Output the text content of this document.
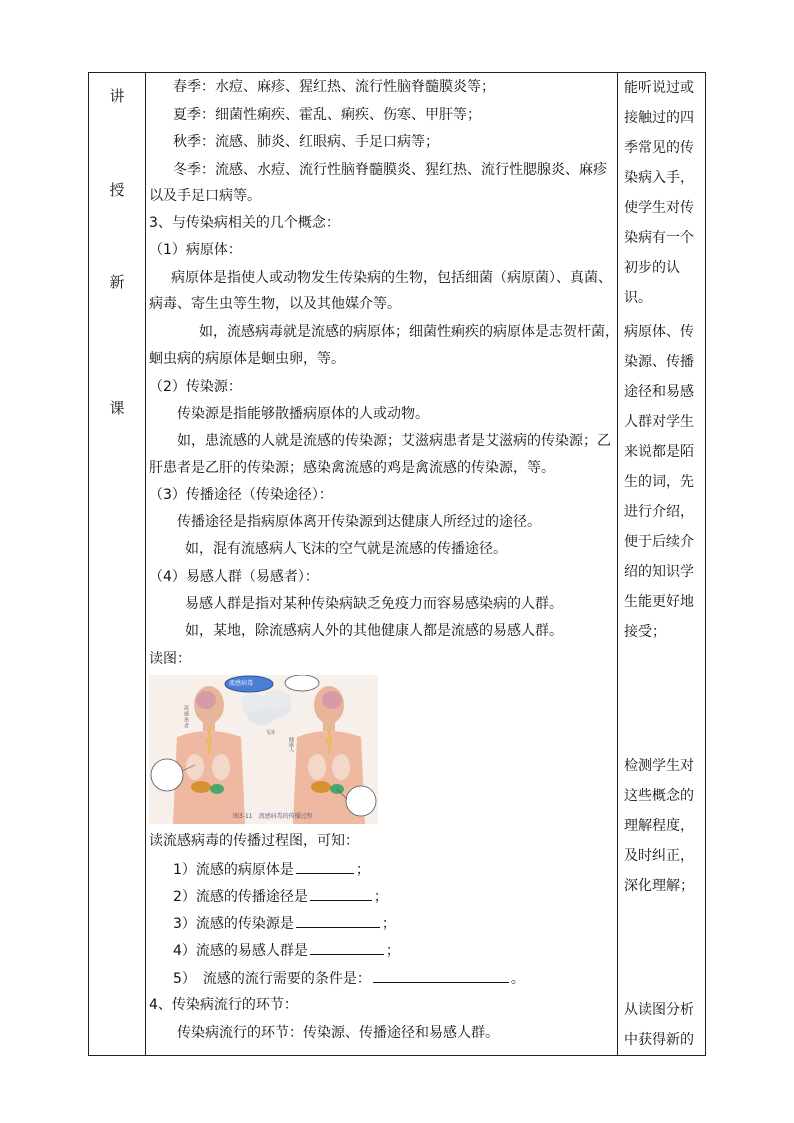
讲
授
新
课
春季：水痘、麻疹、猩红热、流行性脑脊髓膜炎等；
夏季：细菌性痢疾、霍乱、痢疾、伤寒、甲肝等；
秋季：流感、肺炎、红眼病、手足口病等；
冬季：流感、水痘、流行性脑脊髓膜炎、猩红热、流行性腮腺炎、麻疹
以及手足口病等。
3、与传染病相关的几个概念：
（1）病原体：
病原体是指使人或动物发生传染病的生物，包括细菌（病原菌）、真菌、
病毒、寄生虫等生物，以及其他媒介等。
如，流感病毒就是流感的病原体；细菌性痢疾的病原体是志贺杆菌，
蛔虫病的病原体是蛔虫卵，等。
（2）传染源：
传染源是指能够散播病原体的人或动物。
如，患流感的人就是流感的传染源；艾滋病患者是艾滋病的传染源；乙
肝患者是乙肝的传染源；感染禽流感的鸡是禽流感的传染源，等。
（3）传播途径（传染途径）：
传播途径是指病原体离开传染源到达健康人所经过的途径。
如，混有流感病人飞沫的空气就是流感的传播途径。
（4）易感人群（易感者）：
易感人群是指对某种传染病缺乏免疫力而容易感染病的人群。
如，某地，除流感病人外的其他健康人都是流感的易感人群。
读图：
流感病毒
流感患者
健康人
飞沫
图3-11　流感病毒的传播过程
读流感病毒的传播过程图，可知：
1）流感的病原体是	；
2）流感的传播途径是	；
3）流感的传染源是	；
4）流感的易感人群是	；
5）　流感的流行需要的条件是：	。
4、传染病流行的环节：
传染病流行的环节：传染源、传播途径和易感人群。
能听说过或
接触过的四
季常见的传
染病入手，
使学生对传
染病有一个
初步的认识。
病原体、传
染源、传播
途径和易感
人群对学生
来说都是陌
生的词，先
进行介绍，
便于后续介
绍的知识学
生能更好地
接受；
检测学生对
这些概念的
理解程度，
及时纠正，
深化理解；
从读图分析
中获得新的
